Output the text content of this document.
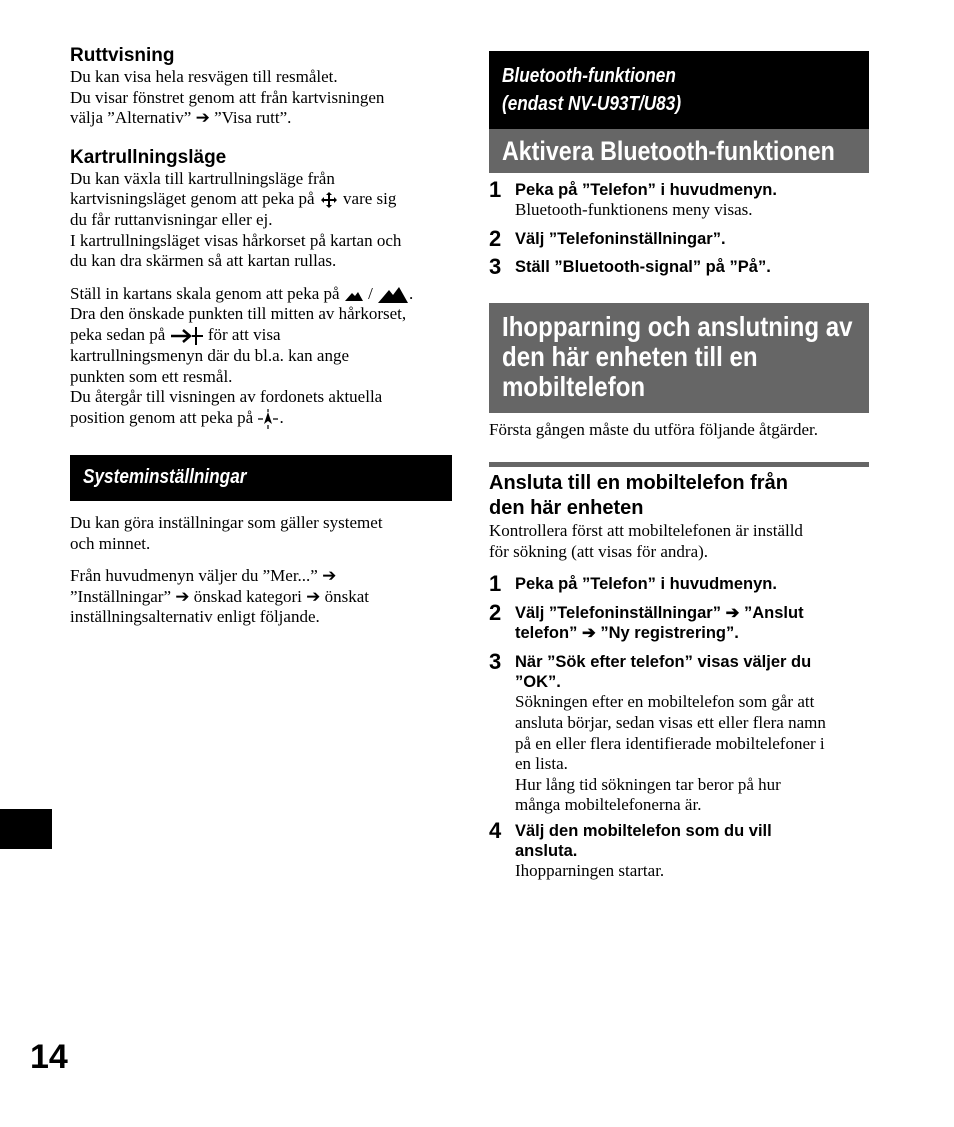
Ruttvisning

Du kan visa hela resvägen till resmålet.
Du visar fönstret genom att från kartvisningen
välja ”Alternativ” ➔ ”Visa rutt”.

Kartrullningsläge

Du kan växla till kartrullningsläge från
kartvisningsläget genom att peka på vare sig
du får ruttanvisningar eller ej.
I kartrullningsläget visas hårkorset på kartan och
du kan dra skärmen så att kartan rullas.

Ställ in kartans skala genom att peka på / .
Dra den önskade punkten till mitten av hårkorset,
peka sedan på	för att visa
kartrullningsmenyn där du bl.a. kan ange
punkten som ett resmål.
Du återgår till visningen av fordonets aktuella
position genom att peka på .

Systeminställningar

Du kan göra inställningar som gäller systemet
och minnet.

Från huvudmenyn väljer du ”Mer...” ➔
”Inställningar” ➔ önskad kategori ➔ önskat
inställningsalternativ enligt följande.

Bluetooth-funktionen
(endast NV-U93T/U83)
Aktivera Bluetooth-funktionen
1 Peka på ”Telefon” i huvudmenyn.

Bluetooth-funktionens meny visas.

2 Välj ”Telefoninställningar”.

3 Ställ ”Bluetooth-signal” på ”På”.

Ihopparning och anslutning av
den här enheten till en
mobiltelefon

Första gången måste du utföra följande åtgärder.

Ansluta till en mobiltelefon från
den här enheten

Kontrollera först att mobiltelefonen är inställd
för sökning (att visas för andra).

1 Peka på ”Telefon” i huvudmenyn.

2 Välj ”Telefoninställningar” ➔ ”Anslut
telefon” ➔ ”Ny registrering”.

3 När ”Sök efter telefon” visas väljer du
”OK”.

Sökningen efter en mobiltelefon som går att
ansluta börjar, sedan visas ett eller flera namn
på en eller flera identifierade mobiltelefoner i
en lista.
Hur lång tid sökningen tar beror på hur
många mobiltelefonerna är.

4 Välj den mobiltelefon som du vill
ansluta.

Ihopparningen startar.

14
